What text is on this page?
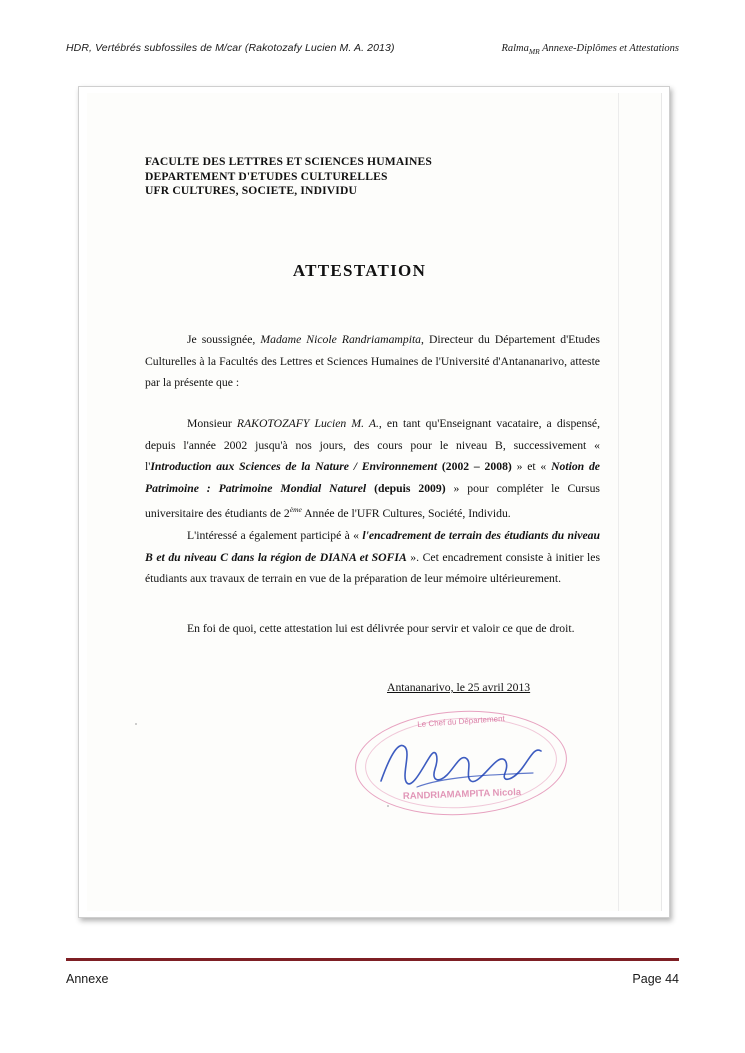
HDR, Vertébrés subfossiles de M/car (Rakotozafy Lucien M. A. 2013)	Ralma$_{MR}$ Annexe-Diplômes et Attestations
FACULTE DES LETTRES ET SCIENCES HUMAINES
DEPARTEMENT D'ETUDES CULTURELLES
UFR CULTURES, SOCIETE, INDIVIDU
ATTESTATION
Je soussignée, Madame Nicole Randriamampita, Directeur du Département d'Etudes Culturelles à la Facultés des Lettres et Sciences Humaines de l'Université d'Antananarivo, atteste par la présente que :
Monsieur RAKOTOZAFY Lucien M. A., en tant qu'Enseignant vacataire, a dispensé, depuis l'année 2002 jusqu'à nos jours, des cours pour le niveau B, successivement « l'Introduction aux Sciences de la Nature / Environnement (2002 – 2008) » et « Notion de Patrimoine : Patrimoine Mondial Naturel (depuis 2009) » pour compléter le Cursus universitaire des étudiants de 2ème Année de l'UFR Cultures, Société, Individu.
L'intéressé a également participé à « l'encadrement de terrain des étudiants du niveau B et du niveau C dans la région de DIANA et SOFIA ». Cet encadrement consiste à initier les étudiants aux travaux de terrain en vue de la préparation de leur mémoire ultérieurement.
En foi de quoi, cette attestation lui est délivrée pour servir et valoir ce que de droit.
Antananarivo, le 25 avril 2013
Le Chef du Département
RANDRIAMAMPITA Nicola
Annexe	Page 44
